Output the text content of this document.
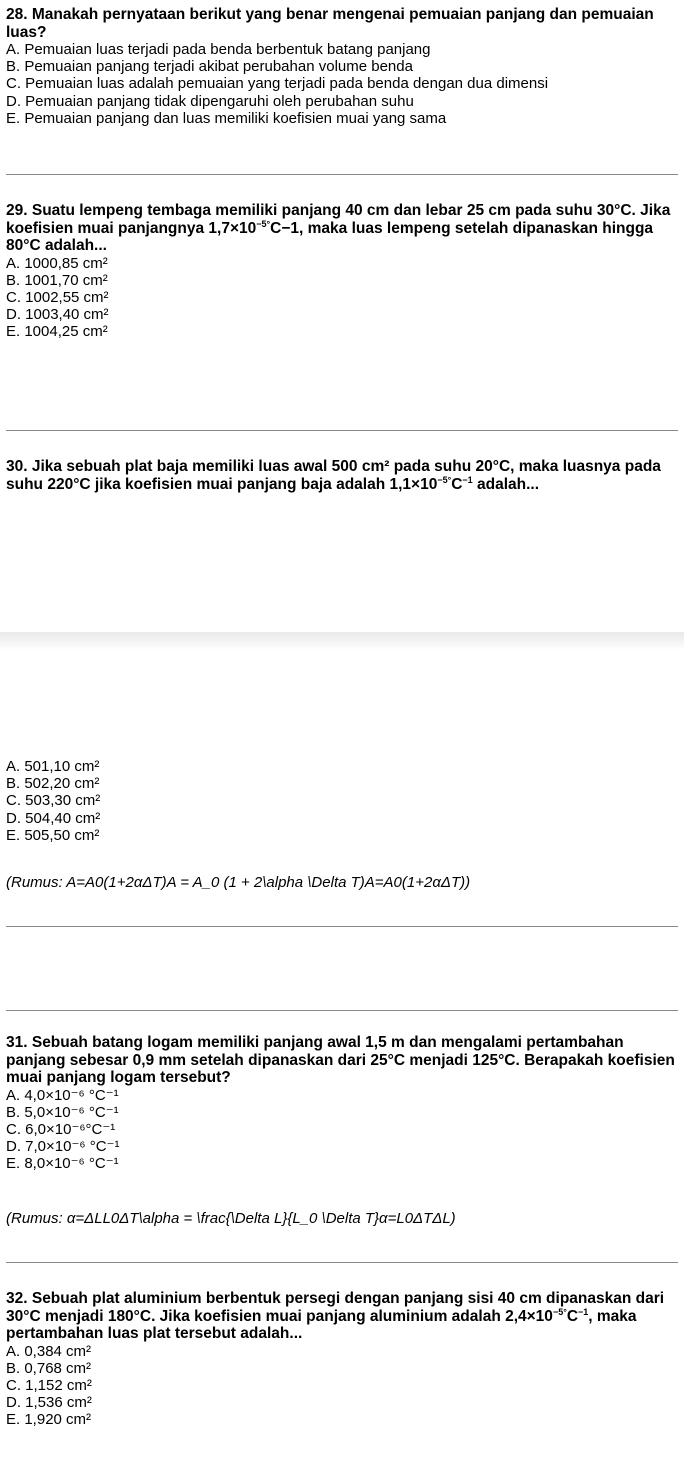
28. Manakah pernyataan berikut yang benar mengenai pemuaian panjang dan pemuaian luas?

A. Pemuaian luas terjadi pada benda berbentuk batang panjang
B. Pemuaian panjang terjadi akibat perubahan volume benda
C. Pemuaian luas adalah pemuaian yang terjadi pada benda dengan dua dimensi
D. Pemuaian panjang tidak dipengaruhi oleh perubahan suhu
E. Pemuaian panjang dan luas memiliki koefisien muai yang sama

29. Suatu lempeng tembaga memiliki panjang 40 cm dan lebar 25 cm pada suhu 30°C. Jika koefisien muai panjangnya $1,7\times 10^{-5^\circ}C-1$, maka luas lempeng setelah dipanaskan hingga 80°C adalah...

A. 1000,85 cm²
B. 1001,70 cm²
C. 1002,55 cm²
D. 1003,40 cm²
E. 1004,25 cm²

30. Jika sebuah plat baja memiliki luas awal 500 cm² pada suhu 20°C, maka luasnya pada suhu 220°C jika koefisien muai panjang baja adalah $1,1\times 10^{-5^\circ}C^{-1}$ adalah...

A. 501,10 cm²
B. 502,20 cm²
C. 503,30 cm²
D. 504,40 cm²
E. 505,50 cm²
(Rumus: A=A0(1+2αΔT)A = A_0 (1 + 2\alpha \Delta T)A=A0(1+2αΔT))

31. Sebuah batang logam memiliki panjang awal 1,5 m dan mengalami pertambahan panjang sebesar 0,9 mm setelah dipanaskan dari 25°C menjadi 125°C. Berapakah koefisien muai panjang logam tersebut?

A. 4,0×10⁻⁶ °C⁻¹
B. 5,0×10⁻⁶ °C⁻¹
C. 6,0×10⁻⁶°C⁻¹
D. 7,0×10⁻⁶ °C⁻¹
E. 8,0×10⁻⁶ °C⁻¹
(Rumus: α=ΔLL0ΔT\alpha = \frac{\Delta L}{L_0 \Delta T}α=L0ΔTΔL)

32. Sebuah plat aluminium berbentuk persegi dengan panjang sisi 40 cm dipanaskan dari 30°C menjadi 180°C. Jika koefisien muai panjang aluminium adalah $2,4\times 10^{-5^\circ}C^{-1}$, maka pertambahan luas plat tersebut adalah...

A. 0,384 cm²
B. 0,768 cm²
C. 1,152 cm²
D. 1,536 cm²
E. 1,920 cm²
